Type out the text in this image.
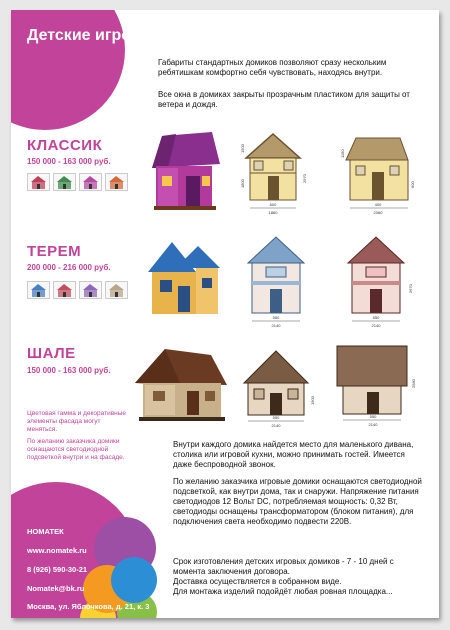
Детские игровые домики

Габариты стандартных домиков позволяют сразу нескольким ребятишкам комфортно себя чувствовать, находясь внутри.

Все окна в домиках закрыты прозрачным пластиком для защиты от ветера и дождя.

КЛАССИК
150 000 - 163 000 руб.
ТЕРЕМ
200 000 - 216 000 руб.
ШАЛЕ
150 000 - 163 000 руб.
600
1860
1500
1800
2970
400
2060
1150
600
550
2140
550
2140
2670
550
2140
1900
550
2140
2580
Цветовая гамма и декоративные элементы фасада могут меняться.
По желанию заказчика домики оснащаются светодиодной подсветкой внутри и на фасаде.
Внутри каждого домика найдется место для маленького дивана, столика или игровой кухни, можно принимать гостей. Имеется даже беспроводной звонок.
По желанию заказчика игровые домики оснащаются светодиодной подсветкой, как внутри дома, так и снаружи. Напряжение питания светодиодов 12 Вольт DC, потребляемая мощность: 0,32 Вт, светодиоды оснащены трансформатором (блоком питания), для подключения света необходимо подвести 220В.
Срок изготовления детских игровых домиков - 7 - 10 дней с момента заключения договора.
Доставка осуществляется в собранном виде.
Для монтажа изделий подойдёт любая ровная площадка...
НОМАТЕК
www.nomatek.ru
8 (926) 590-30-21
Nomatek@bk.ru
Москва, ул. Яблочкова, д. 21, к. 3
